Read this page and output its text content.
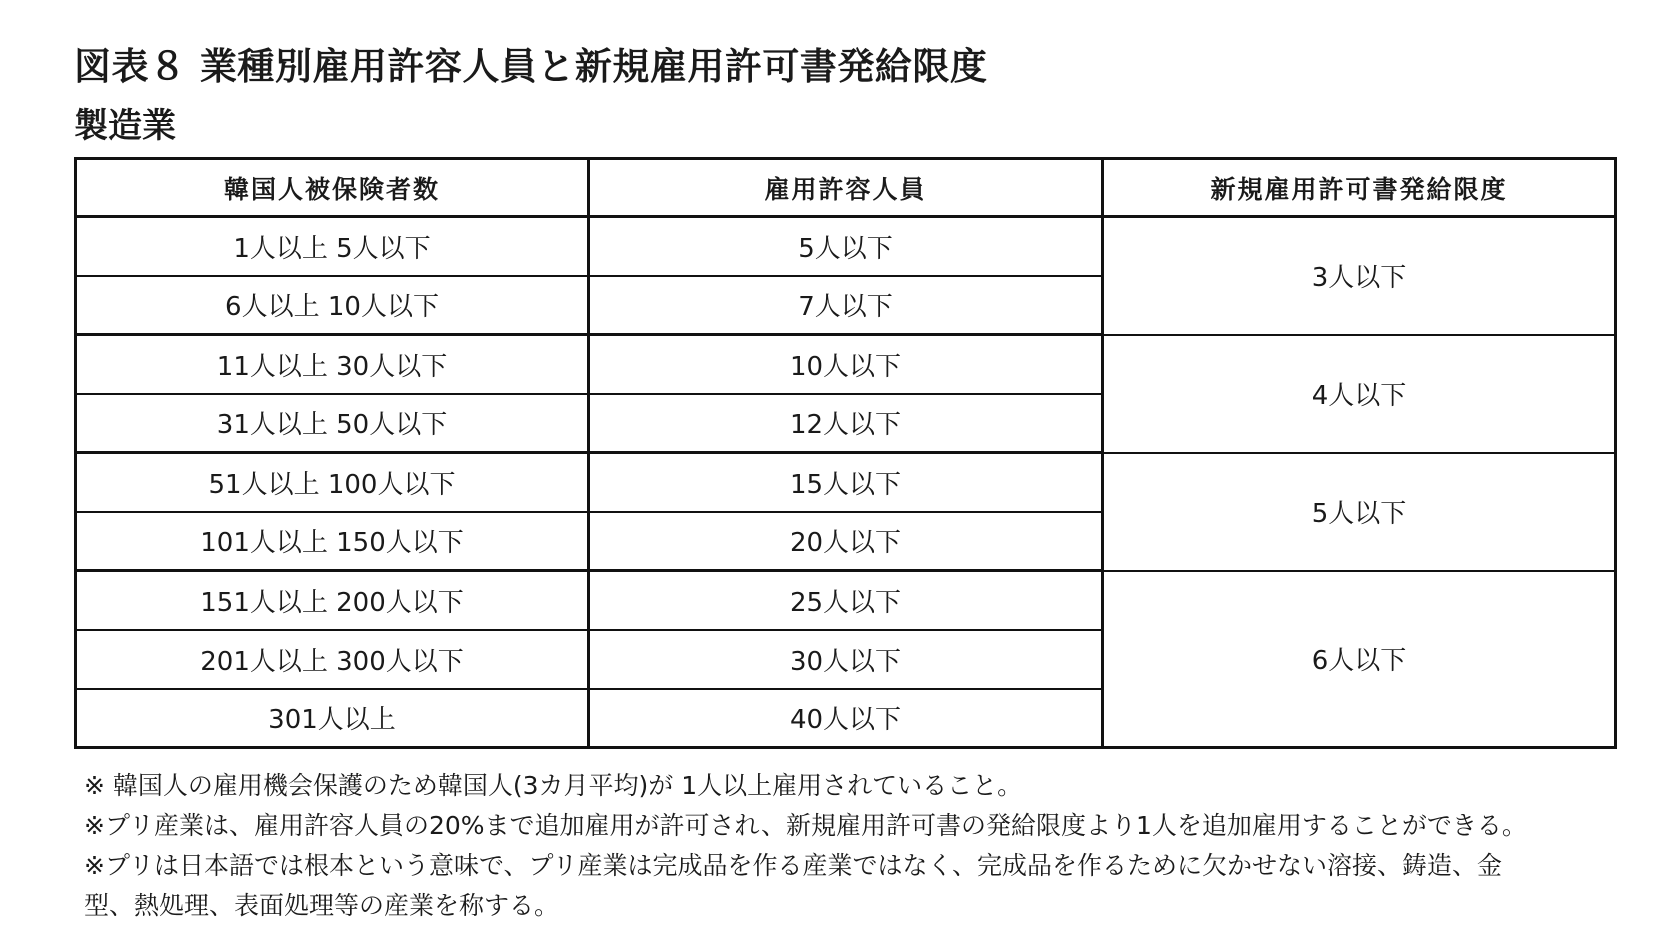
図表８ 業種別雇用許容人員と新規雇用許可書発給限度
製造業
韓国人被保険者数	雇用許容人員	新規雇用許可書発給限度
1人以上 5人以下	5人以下	3人以下
6人以上 10人以下	7人以下	
11人以上 30人以下	10人以下	4人以下
31人以上 50人以下	12人以下	
51人以上 100人以下	15人以下	5人以下
101人以上 150人以下	20人以下	
151人以上 200人以下	25人以下	6人以下
201人以上 300人以下	30人以下	
301人以上	40人以下	
※ 韓国人の雇用機会保護のため韓国人(3カ月平均)が 1人以上雇用されていること。
※プリ産業は、雇用許容人員の20%まで追加雇用が許可され、新規雇用許可書の発給限度より1人を追加雇用することができる。
※プリは日本語では根本という意味で、プリ産業は完成品を作る産業ではなく、完成品を作るために欠かせない溶接、鋳造、金
型、熱処理、表面処理等の産業を称する。
